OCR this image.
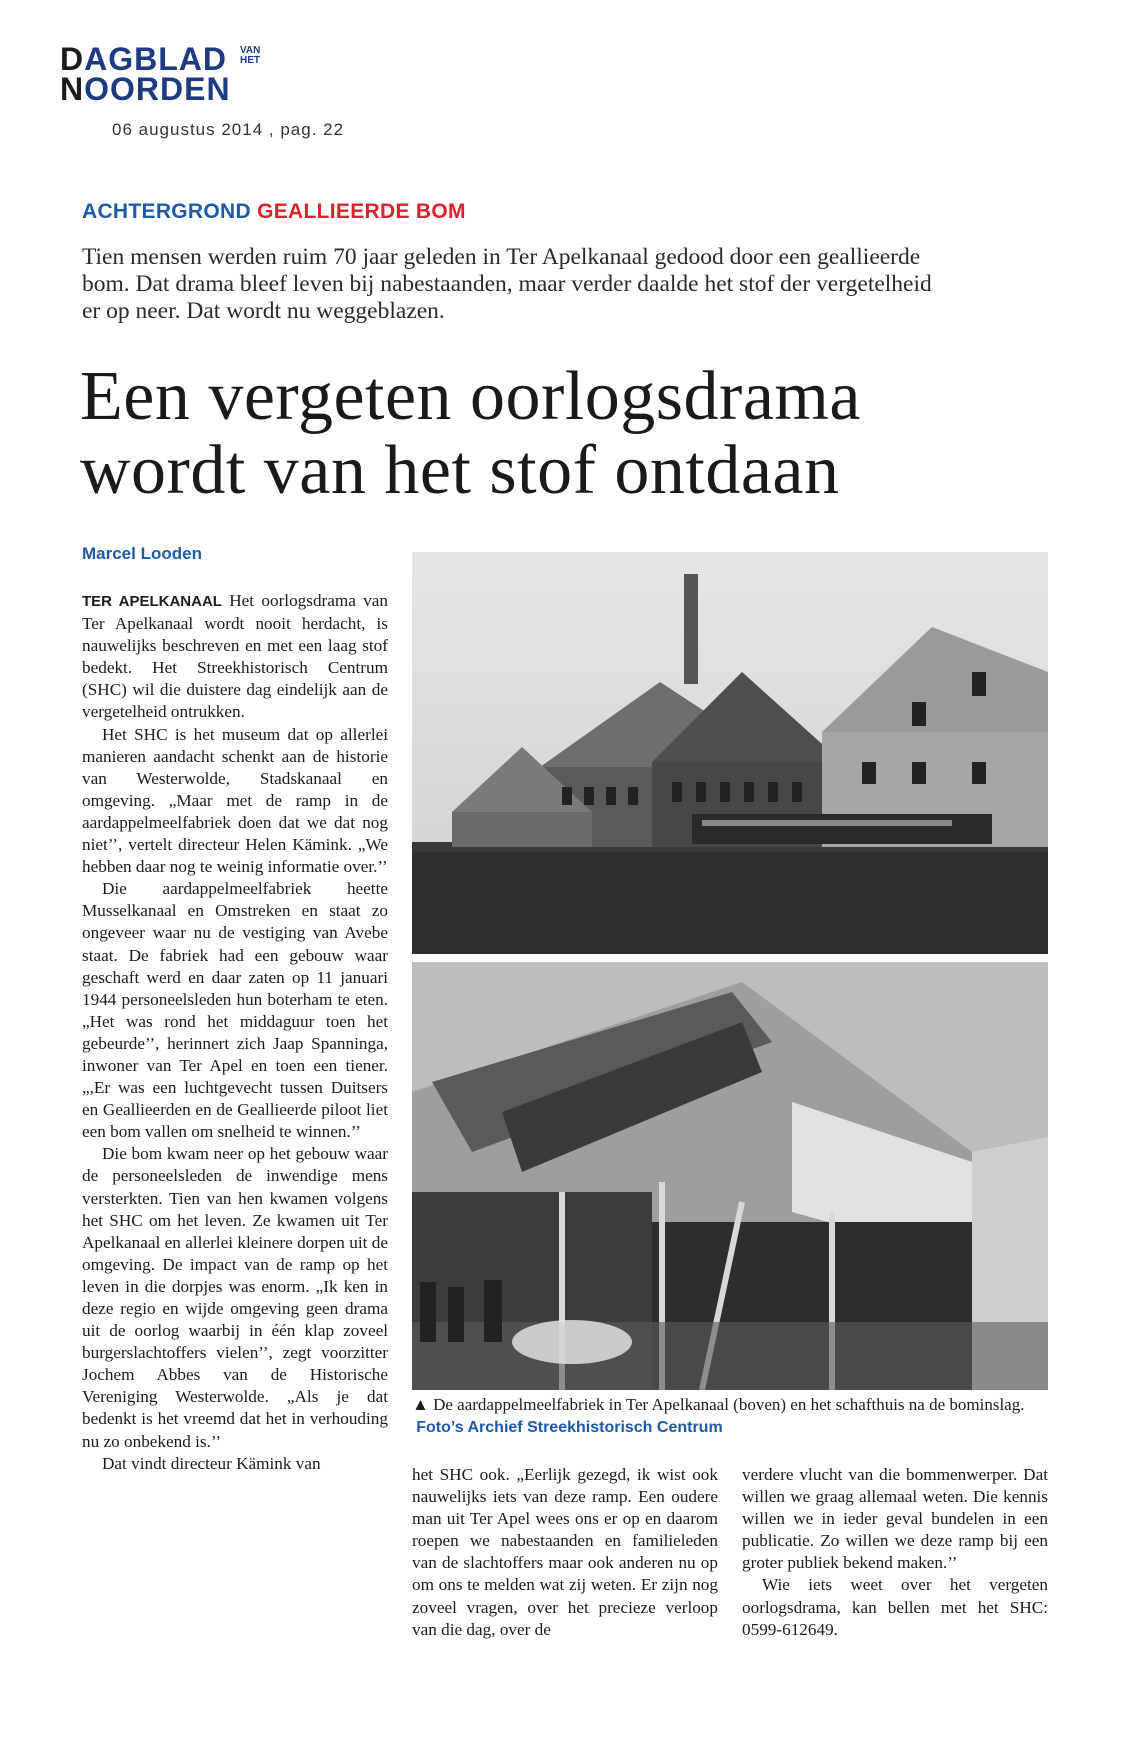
DAGBLAD
NOORDEN
VAN
HET
06 augustus 2014 , pag. 22
ACHTERGROND GEALLIEERDE BOM
Tien mensen werden ruim 70 jaar geleden in Ter Apelkanaal gedood door een geallieerde bom. Dat drama bleef leven bij nabestaanden, maar verder daalde het stof der vergetelheid er op neer. Dat wordt nu weggeblazen.
Een vergeten oorlogsdrama wordt van het stof ontdaan
Marcel Looden

TER APELKANAAL Het oorlogsdrama van Ter Apelkanaal wordt nooit herdacht, is nauwelijks beschreven en met een laag stof bedekt. Het Streekhistorisch Centrum (SHC) wil die duistere dag eindelijk aan de vergetelheid ontrukken.

Het SHC is het museum dat op allerlei manieren aandacht schenkt aan de historie van Westerwolde, Stadskanaal en omgeving. „Maar met de ramp in de aardappelmeelfabriek doen dat we dat nog niet’’, vertelt directeur Helen Kämink. „We hebben daar nog te weinig informatie over.’’

Die aardappelmeelfabriek heette Musselkanaal en Omstreken en staat zo ongeveer waar nu de vestiging van Avebe staat. De fabriek had een gebouw waar geschaft werd en daar zaten op 11 januari 1944 personeelsleden hun boterham te eten. „Het was rond het middaguur toen het gebeurde’’, herinnert zich Jaap Spanninga, inwoner van Ter Apel en toen een tiener. „,Er was een luchtgevecht tussen Duitsers en Geallieerden en de Geallieerde piloot liet een bom vallen om snelheid te winnen.’’

Die bom kwam neer op het gebouw waar de personeelsleden de inwendige mens versterkten. Tien van hen kwamen volgens het SHC om het leven. Ze kwamen uit Ter Apelkanaal en allerlei kleinere dorpen uit de omgeving. De impact van de ramp op het leven in die dorpjes was enorm. „Ik ken in deze regio en wijde omgeving geen drama uit de oorlog waarbij in één klap zoveel burgerslachtoffers vielen’’, zegt voorzitter Jochem Abbes van de Historische Vereniging Westerwolde. „Als je dat bedenkt is het vreemd dat het in verhouding nu zo onbekend is.’’

Dat vindt directeur Kämink van

▲ De aardappelmeelfabriek in Ter Apelkanaal (boven) en het schafthuis na de bominslag.  Foto’s Archief Streekhistorisch Centrum

het SHC ook. „Eerlijk gezegd, ik wist ook nauwelijks iets van deze ramp. Een oudere man uit Ter Apel wees ons er op en daarom roepen we nabestaanden en familieleden van de slachtoffers maar ook anderen nu op om ons te melden wat zij weten. Er zijn nog zoveel vragen, over het precieze verloop van die dag, over de

verdere vlucht van die bommenwerper. Dat willen we graag allemaal weten. Die kennis willen we in ieder geval bundelen in een publicatie. Zo willen we deze ramp bij een groter publiek bekend maken.’’

Wie iets weet over het vergeten oorlogsdrama, kan bellen met het SHC: 0599-612649.
